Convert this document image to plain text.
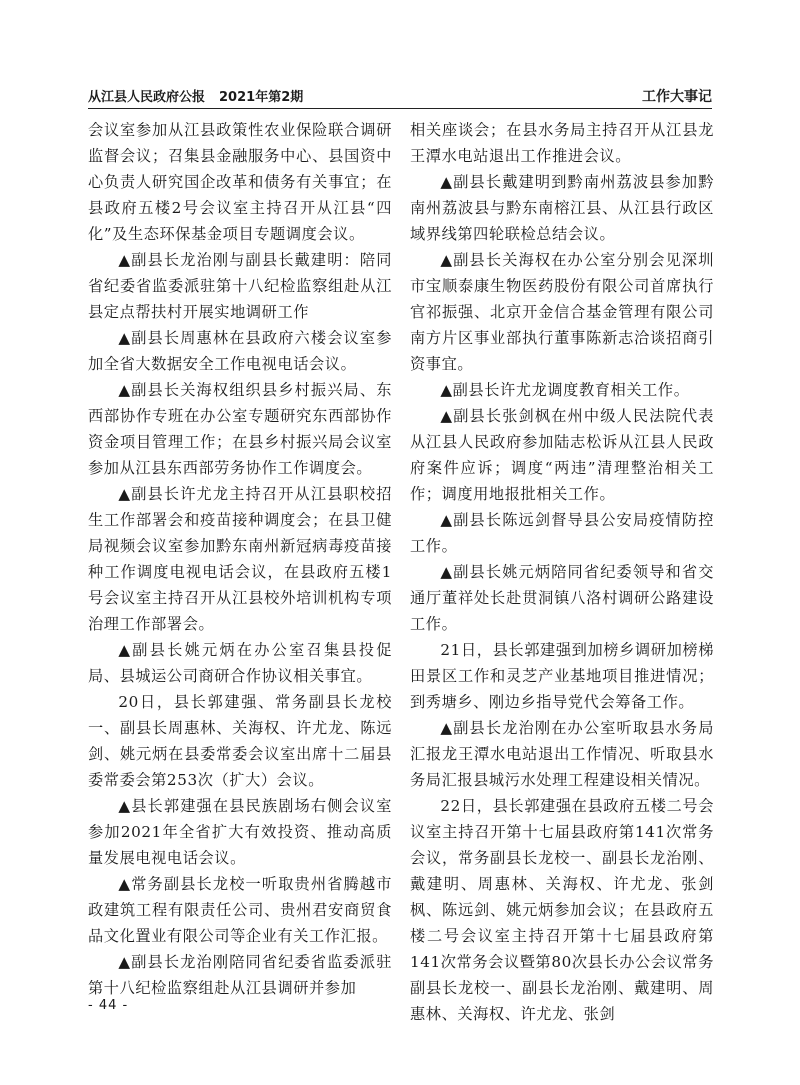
从江县人民政府公报 2021年第2期	工作大事记

会议室参加从江县政策性农业保险联合调研监督会议；召集县金融服务中心、县国资中心负责人研究国企改革和债务有关事宜；在县政府五楼2号会议室主持召开从江县“四化”及生态环保基金项目专题调度会议。

▲副县长龙治刚与副县长戴建明：陪同省纪委省监委派驻第十八纪检监察组赴从江县定点帮扶村开展实地调研工作

▲副县长周惠林在县政府六楼会议室参加全省大数据安全工作电视电话会议。

▲副县长关海权组织县乡村振兴局、东西部协作专班在办公室专题研究东西部协作资金项目管理工作；在县乡村振兴局会议室参加从江县东西部劳务协作工作调度会。

▲副县长许尤龙主持召开从江县职校招生工作部署会和疫苗接种调度会；在县卫健局视频会议室参加黔东南州新冠病毒疫苗接种工作调度电视电话会议，在县政府五楼1号会议室主持召开从江县校外培训机构专项治理工作部署会。

▲副县长姚元炳在办公室召集县投促局、县城运公司商研合作协议相关事宜。

20日，县长郭建强、常务副县长龙校一、副县长周惠林、关海权、许尤龙、陈远剑、姚元炳在县委常委会议室出席十二届县委常委会第253次（扩大）会议。

▲县长郭建强在县民族剧场右侧会议室参加2021年全省扩大有效投资、推动高质量发展电视电话会议。

▲常务副县长龙校一听取贵州省腾越市政建筑工程有限责任公司、贵州君安商贸食品文化置业有限公司等企业有关工作汇报。

▲副县长龙治刚陪同省纪委省监委派驻第十八纪检监察组赴从江县调研并参加

相关座谈会；在县水务局主持召开从江县龙王潭水电站退出工作推进会议。

▲副县长戴建明到黔南州荔波县参加黔南州荔波县与黔东南榕江县、从江县行政区域界线第四轮联检总结会议。

▲副县长关海权在办公室分别会见深圳市宝顺泰康生物医药股份有限公司首席执行官祁振强、北京开金信合基金管理有限公司南方片区事业部执行董事陈新志洽谈招商引资事宜。

▲副县长许尤龙调度教育相关工作。

▲副县长张剑枫在州中级人民法院代表从江县人民政府参加陆志松诉从江县人民政府案件应诉；调度“两违”清理整治相关工作；调度用地报批相关工作。

▲副县长陈远剑督导县公安局疫情防控工作。

▲副县长姚元炳陪同省纪委领导和省交通厅董祥处长赴贯洞镇八洛村调研公路建设工作。

21日，县长郭建强到加榜乡调研加榜梯田景区工作和灵芝产业基地项目推进情况；到秀塘乡、刚边乡指导党代会筹备工作。

▲副县长龙治刚在办公室听取县水务局汇报龙王潭水电站退出工作情况、听取县水务局汇报县城污水处理工程建设相关情况。

22日，县长郭建强在县政府五楼二号会议室主持召开第十七届县政府第141次常务会议，常务副县长龙校一、副县长龙治刚、戴建明、周惠林、关海权、许尤龙、张剑枫、陈远剑、姚元炳参加会议；在县政府五楼二号会议室主持召开第十七届县政府第141次常务会议暨第80次县长办公会议常务副县长龙校一、副县长龙治刚、戴建明、周惠林、关海权、许尤龙、张剑

- 44 -
